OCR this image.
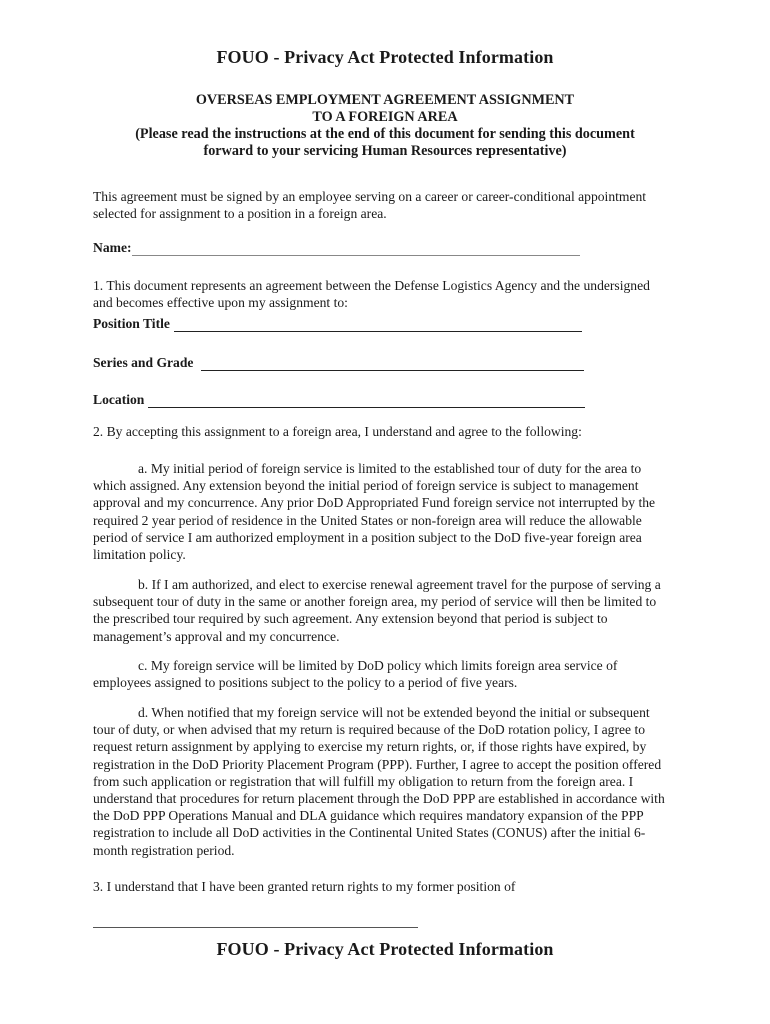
FOUO - Privacy Act Protected Information
OVERSEAS EMPLOYMENT AGREEMENT ASSIGNMENT
TO A FOREIGN AREA
(Please read the instructions at the end of this document for sending this document
forward to your servicing Human Resources representative)
This agreement must be signed by an employee serving on a career or career-conditional appointment
selected for assignment to a position in a foreign area.
Name:
1. This document represents an agreement between the Defense Logistics Agency and the undersigned
and becomes effective upon my assignment to:
Position Title
Series and Grade
Location
2. By accepting this assignment to a foreign area, I understand and agree to the following:
a. My initial period of foreign service is limited to the established tour of duty for the area to
which assigned. Any extension beyond the initial period of foreign service is subject to management
approval and my concurrence. Any prior DoD Appropriated Fund foreign service not interrupted by the
required 2 year period of residence in the United States or non-foreign area will reduce the allowable
period of service I am authorized employment in a position subject to the DoD five-year foreign area
limitation policy.
b. If I am authorized, and elect to exercise renewal agreement travel for the purpose of serving a
subsequent tour of duty in the same or another foreign area, my period of service will then be limited to
the prescribed tour required by such agreement. Any extension beyond that period is subject to
management’s approval and my concurrence.
c. My foreign service will be limited by DoD policy which limits foreign area service of
employees assigned to positions subject to the policy to a period of five years.
d. When notified that my foreign service will not be extended beyond the initial or subsequent
tour of duty, or when advised that my return is required because of the DoD rotation policy, I agree to
request return assignment by applying to exercise my return rights, or, if those rights have expired, by
registration in the DoD Priority Placement Program (PPP). Further, I agree to accept the position offered
from such application or registration that will fulfill my obligation to return from the foreign area. I
understand that procedures for return placement through the DoD PPP are established in accordance with
the DoD PPP Operations Manual and DLA guidance which requires mandatory expansion of the PPP
registration to include all DoD activities in the Continental United States (CONUS) after the initial 6-
month registration period.
3. I understand that I have been granted return rights to my former position of
FOUO - Privacy Act Protected Information
